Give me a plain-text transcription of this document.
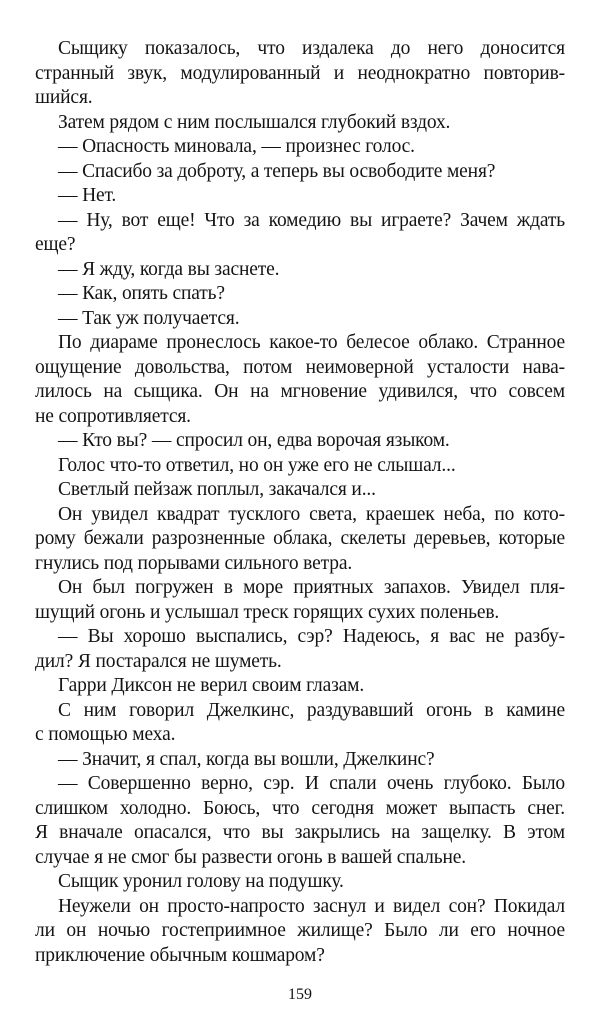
Сыщику показалось, что издалека до него доносится
странный звук, модулированный и неоднократно повторив-
шийся.
Затем рядом с ним послышался глубокий вздох.
— Опасность миновала, — произнес голос.
— Спасибо за доброту, а теперь вы освободите меня?
— Нет.
— Ну, вот еще! Что за комедию вы играете? Зачем ждать
еще?
— Я жду, когда вы заснете.
— Как, опять спать?
— Так уж получается.
По диараме пронеслось какое-то белесое облако. Странное
ощущение довольства, потом неимоверной усталости нава-
лилось на сыщика. Он на мгновение удивился, что совсем
не сопротивляется.
— Кто вы? — спросил он, едва ворочая языком.
Голос что-то ответил, но он уже его не слышал...
Светлый пейзаж поплыл, закачался и...
Он увидел квадрат тусклого света, краешек неба, по кото-
рому бежали разрозненные облака, скелеты деревьев, которые
гнулись под порывами сильного ветра.
Он был погружен в море приятных запахов. Увидел пля-
шущий огонь и услышал треск горящих сухих поленьев.
— Вы хорошо выспались, сэр? Надеюсь, я вас не разбу-
дил? Я постарался не шуметь.
Гарри Диксон не верил своим глазам.
С ним говорил Джелкинс, раздувавший огонь в камине
с помощью меха.
— Значит, я спал, когда вы вошли, Джелкинс?
— Совершенно верно, сэр. И спали очень глубоко. Было
слишком холодно. Боюсь, что сегодня может выпасть снег.
Я вначале опасался, что вы закрылись на защелку. В этом
случае я не смог бы развести огонь в вашей спальне.
Сыщик уронил голову на подушку.
Неужели он просто-напросто заснул и видел сон? Покидал
ли он ночью гостеприимное жилище? Было ли его ночное
приключение обычным кошмаром?
159
